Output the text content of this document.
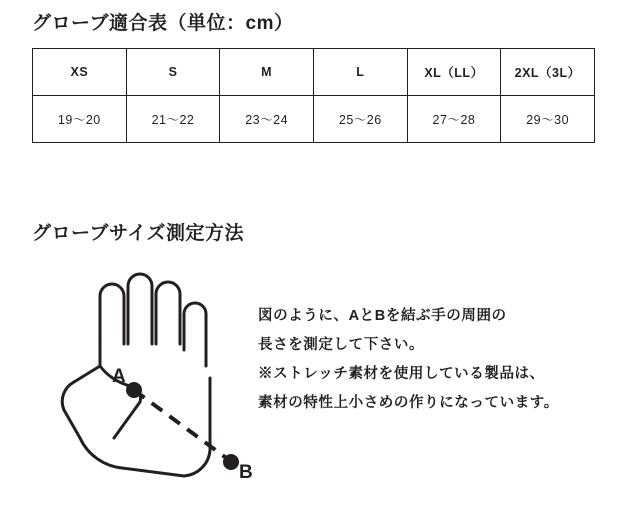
グローブ適合表（単位：cm）
XS	S	M	L	XL（LL）	2XL（3L）
19〜20	21〜22	23〜24	25〜26	27〜28	29〜30
グローブサイズ測定方法
A
B
図のように、AとBを結ぶ手の周囲の
長さを測定して下さい。
※ストレッチ素材を使用している製品は、
素材の特性上小さめの作りになっています。
